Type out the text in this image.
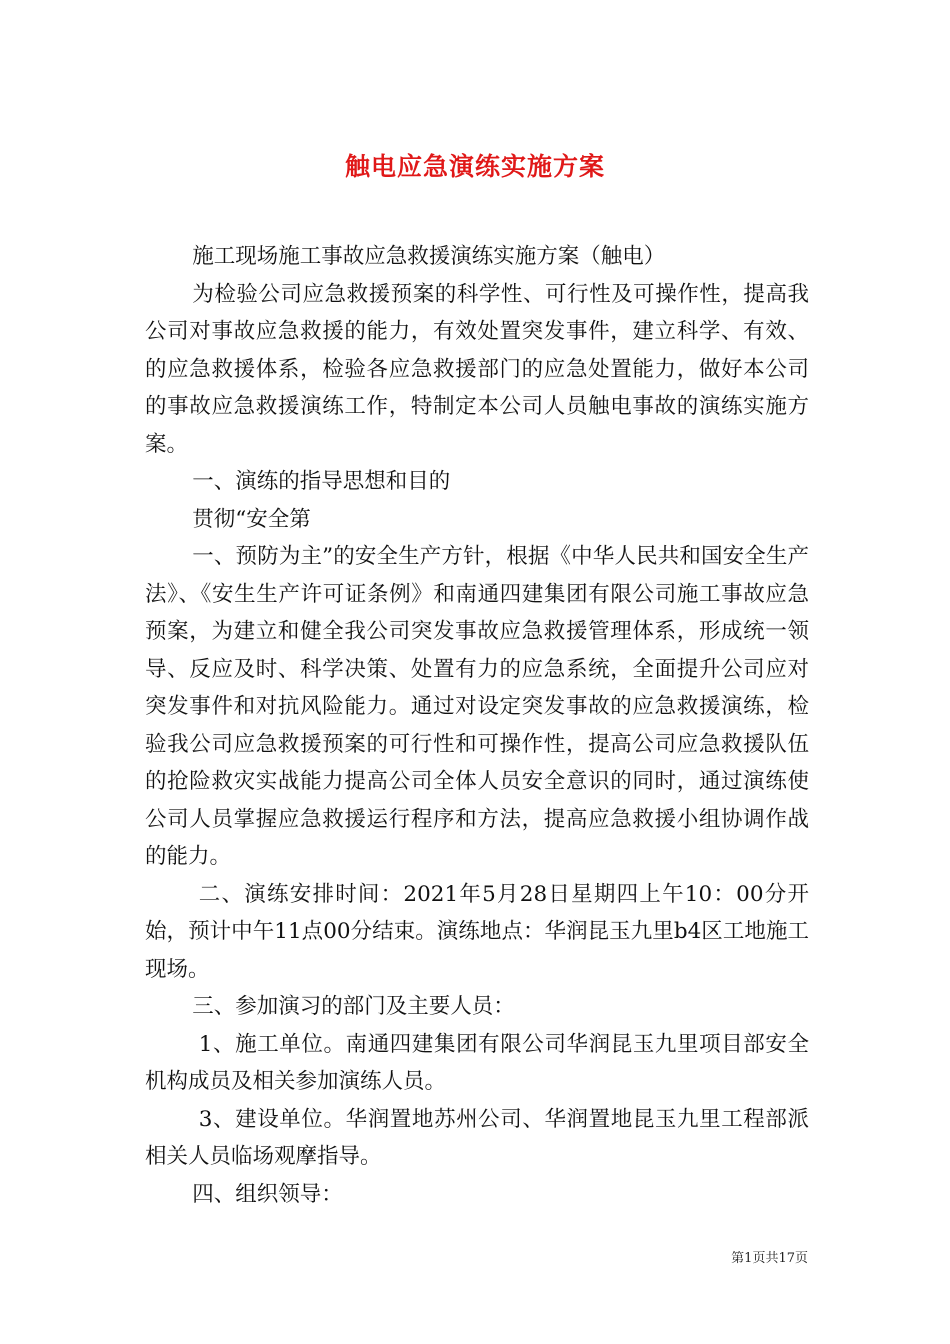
触电应急演练实施方案

施工现场施工事故应急救援演练实施方案（触电）

为检验公司应急救援预案的科学性、可行性及可操作性，提高我公司对事故应急救援的能力，有效处置突发事件，建立科学、有效、的应急救援体系，检验各应急救援部门的应急处置能力，做好本公司的事故应急救援演练工作，特制定本公司人员触电事故的演练实施方案。

一、演练的指导思想和目的

贯彻“安全第

一、预防为主”的安全生产方针，根据《中华人民共和国安全生产法》、《安生生产许可证条例》和南通四建集团有限公司施工事故应急预案，为建立和健全我公司突发事故应急救援管理体系，形成统一领导、反应及时、科学决策、处置有力的应急系统，全面提升公司应对突发事件和对抗风险能力。通过对设定突发事故的应急救援演练，检验我公司应急救援预案的可行性和可操作性，提高公司应急救援队伍的抢险救灾实战能力提高公司全体人员安全意识的同时，通过演练使公司人员掌握应急救援运行程序和方法，提高应急救援小组协调作战的能力。

二、演练安排时间：2021年5月28日星期四上午10：00分开始，预计中午11点00分结束。演练地点：华润昆玉九里b4区工地施工现场。

三、参加演习的部门及主要人员：

1、施工单位。南通四建集团有限公司华润昆玉九里项目部安全机构成员及相关参加演练人员。

3、建设单位。华润置地苏州公司、华润置地昆玉九里工程部派相关人员临场观摩指导。

四、组织领导：

第1页共17页
